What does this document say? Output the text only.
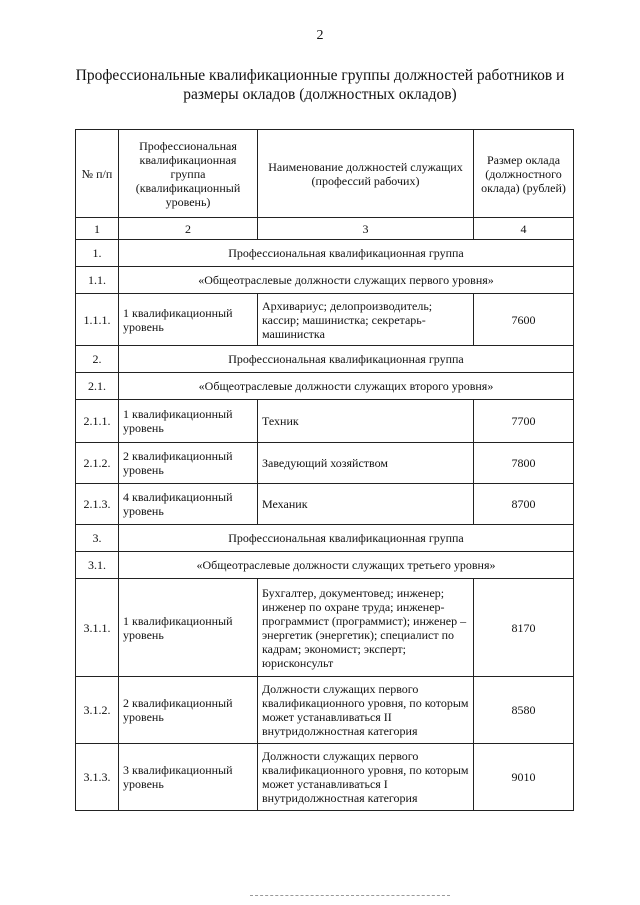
2
Профессиональные квалификационные группы должностей работников и размеры окладов (должностных окладов)
№ п/п	Профессиональная квалификационная группа (квалификационный уровень)	Наименование должностей служащих (профессий рабочих)	Размер оклада (должностного оклада) (рублей)
1	2	3	4
1.	Профессиональная квалификационная группа		
1.1.	«Общеотраслевые должности служащих первого уровня»		
1.1.1.	1 квалификационный уровень	Архивариус; делопроизводитель; кассир; машинистка; секретарь-машинистка	7600
2.	Профессиональная квалификационная группа		
2.1.	«Общеотраслевые должности служащих второго уровня»		
2.1.1.	1 квалификационный уровень	Техник	7700
2.1.2.	2 квалификационный уровень	Заведующий хозяйством	7800
2.1.3.	4 квалификационный уровень	Механик	8700
3.	Профессиональная квалификационная группа		
3.1.	«Общеотраслевые должности служащих третьего уровня»		
3.1.1.	1 квалификационный уровень	Бухгалтер, документовед; инженер; инженер по охране труда; инженер-программист (программист); инженер – энергетик (энергетик); специалист по кадрам; экономист; эксперт; юрисконсульт	8170
3.1.2.	2 квалификационный уровень	Должности служащих первого квалификационного уровня, по которым может устанавливаться II внутридолжностная категория	8580
3.1.3.	3 квалификационный уровень	Должности служащих первого квалификационного уровня, по которым может устанавливаться I внутридолжностная категория	9010
